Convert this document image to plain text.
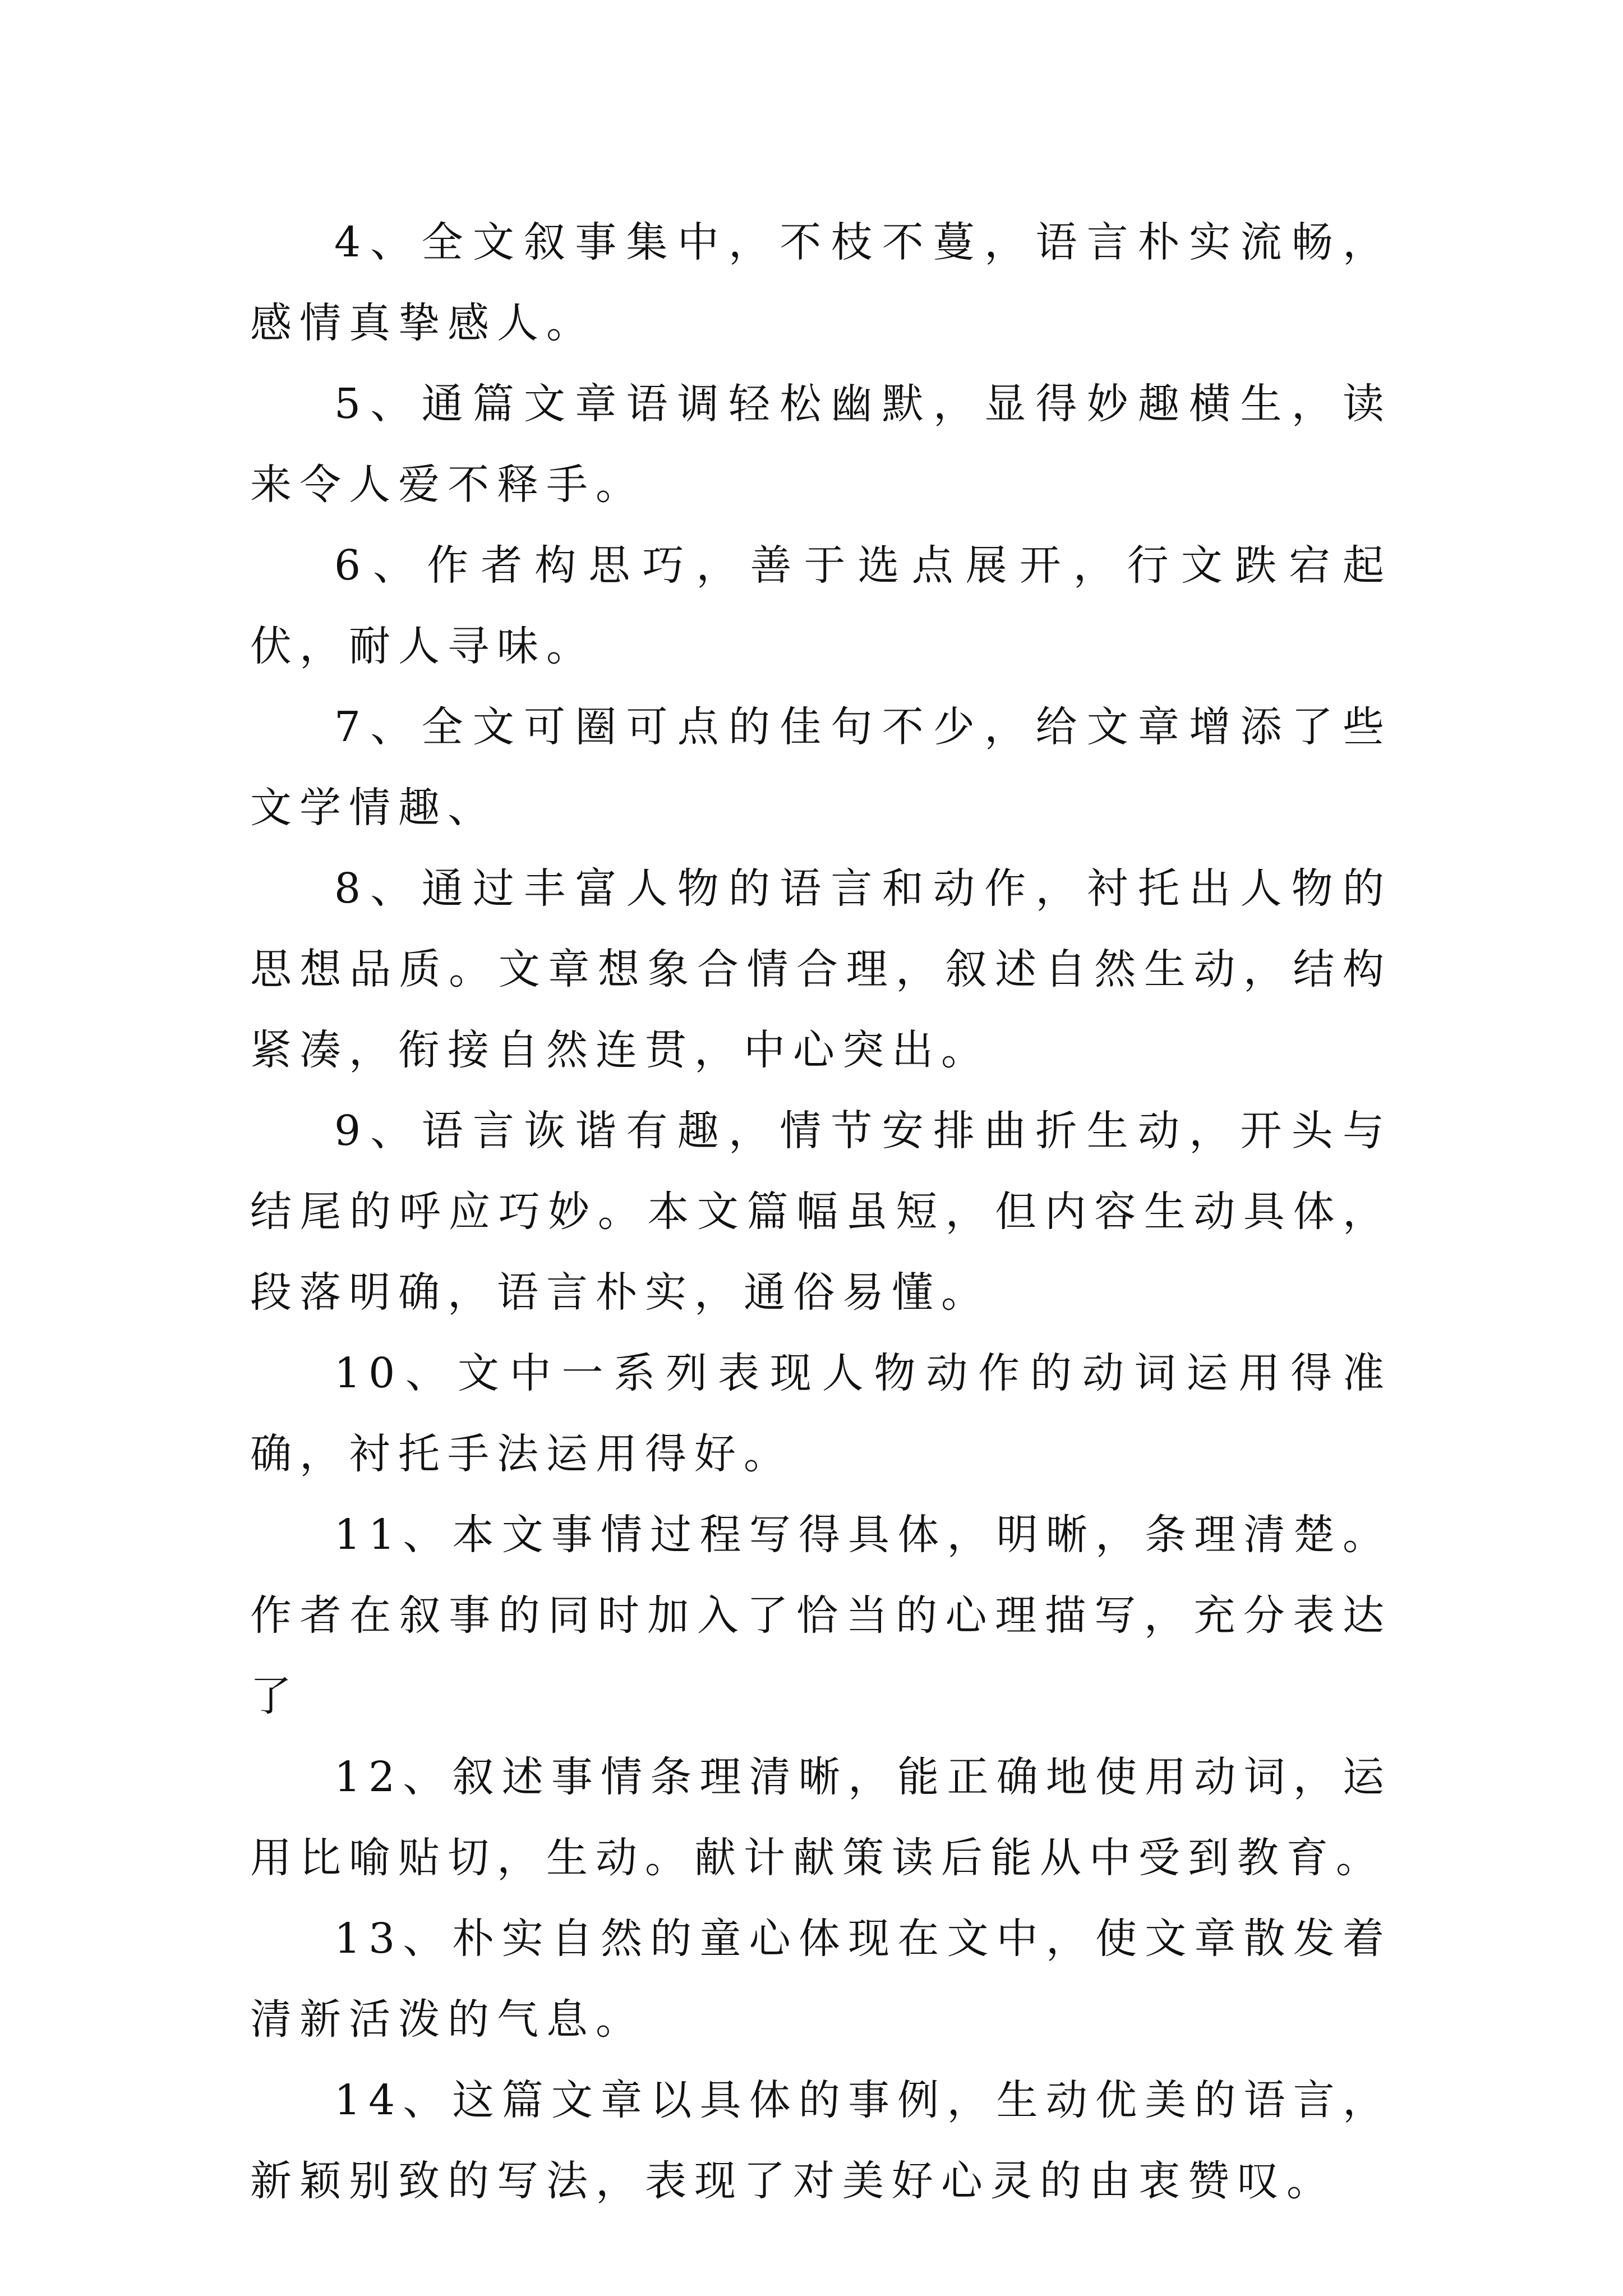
4、全文叙事集中，不枝不蔓，语言朴实流畅，感情真挚感人。

5、通篇文章语调轻松幽默，显得妙趣横生，读来令人爱不释手。

6、作者构思巧，善于选点展开，行文跌宕起伏，耐人寻味。

7、全文可圈可点的佳句不少，给文章增添了些文学情趣、

8、通过丰富人物的语言和动作，衬托出人物的思想品质。文章想象合情合理，叙述自然生动，结构紧凑，衔接自然连贯，中心突出。

9、语言诙谐有趣，情节安排曲折生动，开头与结尾的呼应巧妙。本文篇幅虽短，但内容生动具体，段落明确，语言朴实，通俗易懂。

10、文中一系列表现人物动作的动词运用得准确，衬托手法运用得好。

11、本文事情过程写得具体，明晰，条理清楚。作者在叙事的同时加入了恰当的心理描写，充分表达了

12、叙述事情条理清晰，能正确地使用动词，运用比喻贴切，生动。献计献策读后能从中受到教育。

13、朴实自然的童心体现在文中，使文章散发着清新活泼的气息。

14、这篇文章以具体的事例，生动优美的语言，新颖别致的写法，表现了对美好心灵的由衷赞叹。
